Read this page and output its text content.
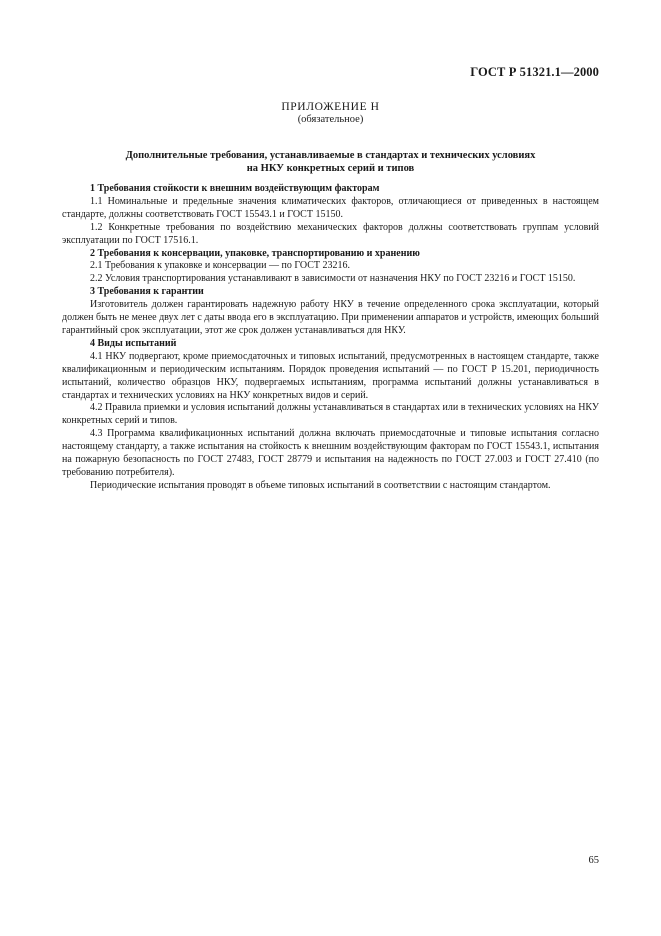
ГОСТ Р 51321.1—2000
ПРИЛОЖЕНИЕ Н
(обязательное)
Дополнительные требования, устанавливаемые в стандартах и технических условиях
на НКУ конкретных серий и типов

1 Требования стойкости к внешним воздействующим факторам

1.1 Номинальные и предельные значения климатических факторов, отличающиеся от приведенных в настоящем стандарте, должны соответствовать ГОСТ 15543.1 и ГОСТ 15150.

1.2 Конкретные требования по воздействию механических факторов должны соответствовать группам условий эксплуатации по ГОСТ 17516.1.

2 Требования к консервации, упаковке, транспортированию и хранению

2.1 Требования к упаковке и консервации — по ГОСТ 23216.

2.2 Условия транспортирования устанавливают в зависимости от назначения НКУ по ГОСТ 23216 и ГОСТ 15150.

3 Требования к гарантии

Изготовитель должен гарантировать надежную работу НКУ в течение определенного срока эксплуатации, который должен быть не менее двух лет с даты ввода его в эксплуатацию. При применении аппаратов и устройств, имеющих больший гарантийный срок эксплуатации, этот же срок должен устанавливаться для НКУ.

4 Виды испытаний

4.1 НКУ подвергают, кроме приемосдаточных и типовых испытаний, предусмотренных в настоящем стандарте, также квалификационным и периодическим испытаниям. Порядок проведения испытаний — по ГОСТ Р 15.201, периодичность испытаний, количество образцов НКУ, подвергаемых испытаниям, программа испытаний должны устанавливаться в стандартах и технических условиях на НКУ конкретных видов и серий.

4.2 Правила приемки и условия испытаний должны устанавливаться в стандартах или в технических условиях на НКУ конкретных серий и типов.

4.3 Программа квалификационных испытаний должна включать приемосдаточные и типовые испытания согласно настоящему стандарту, а также испытания на стойкость к внешним воздействующим факторам по ГОСТ 15543.1, испытания на пожарную безопасность по ГОСТ 27483, ГОСТ 28779 и испытания на надежность по ГОСТ 27.003 и ГОСТ 27.410 (по требованию потребителя).

Периодические испытания проводят в объеме типовых испытаний в соответствии с настоящим стандартом.

65
